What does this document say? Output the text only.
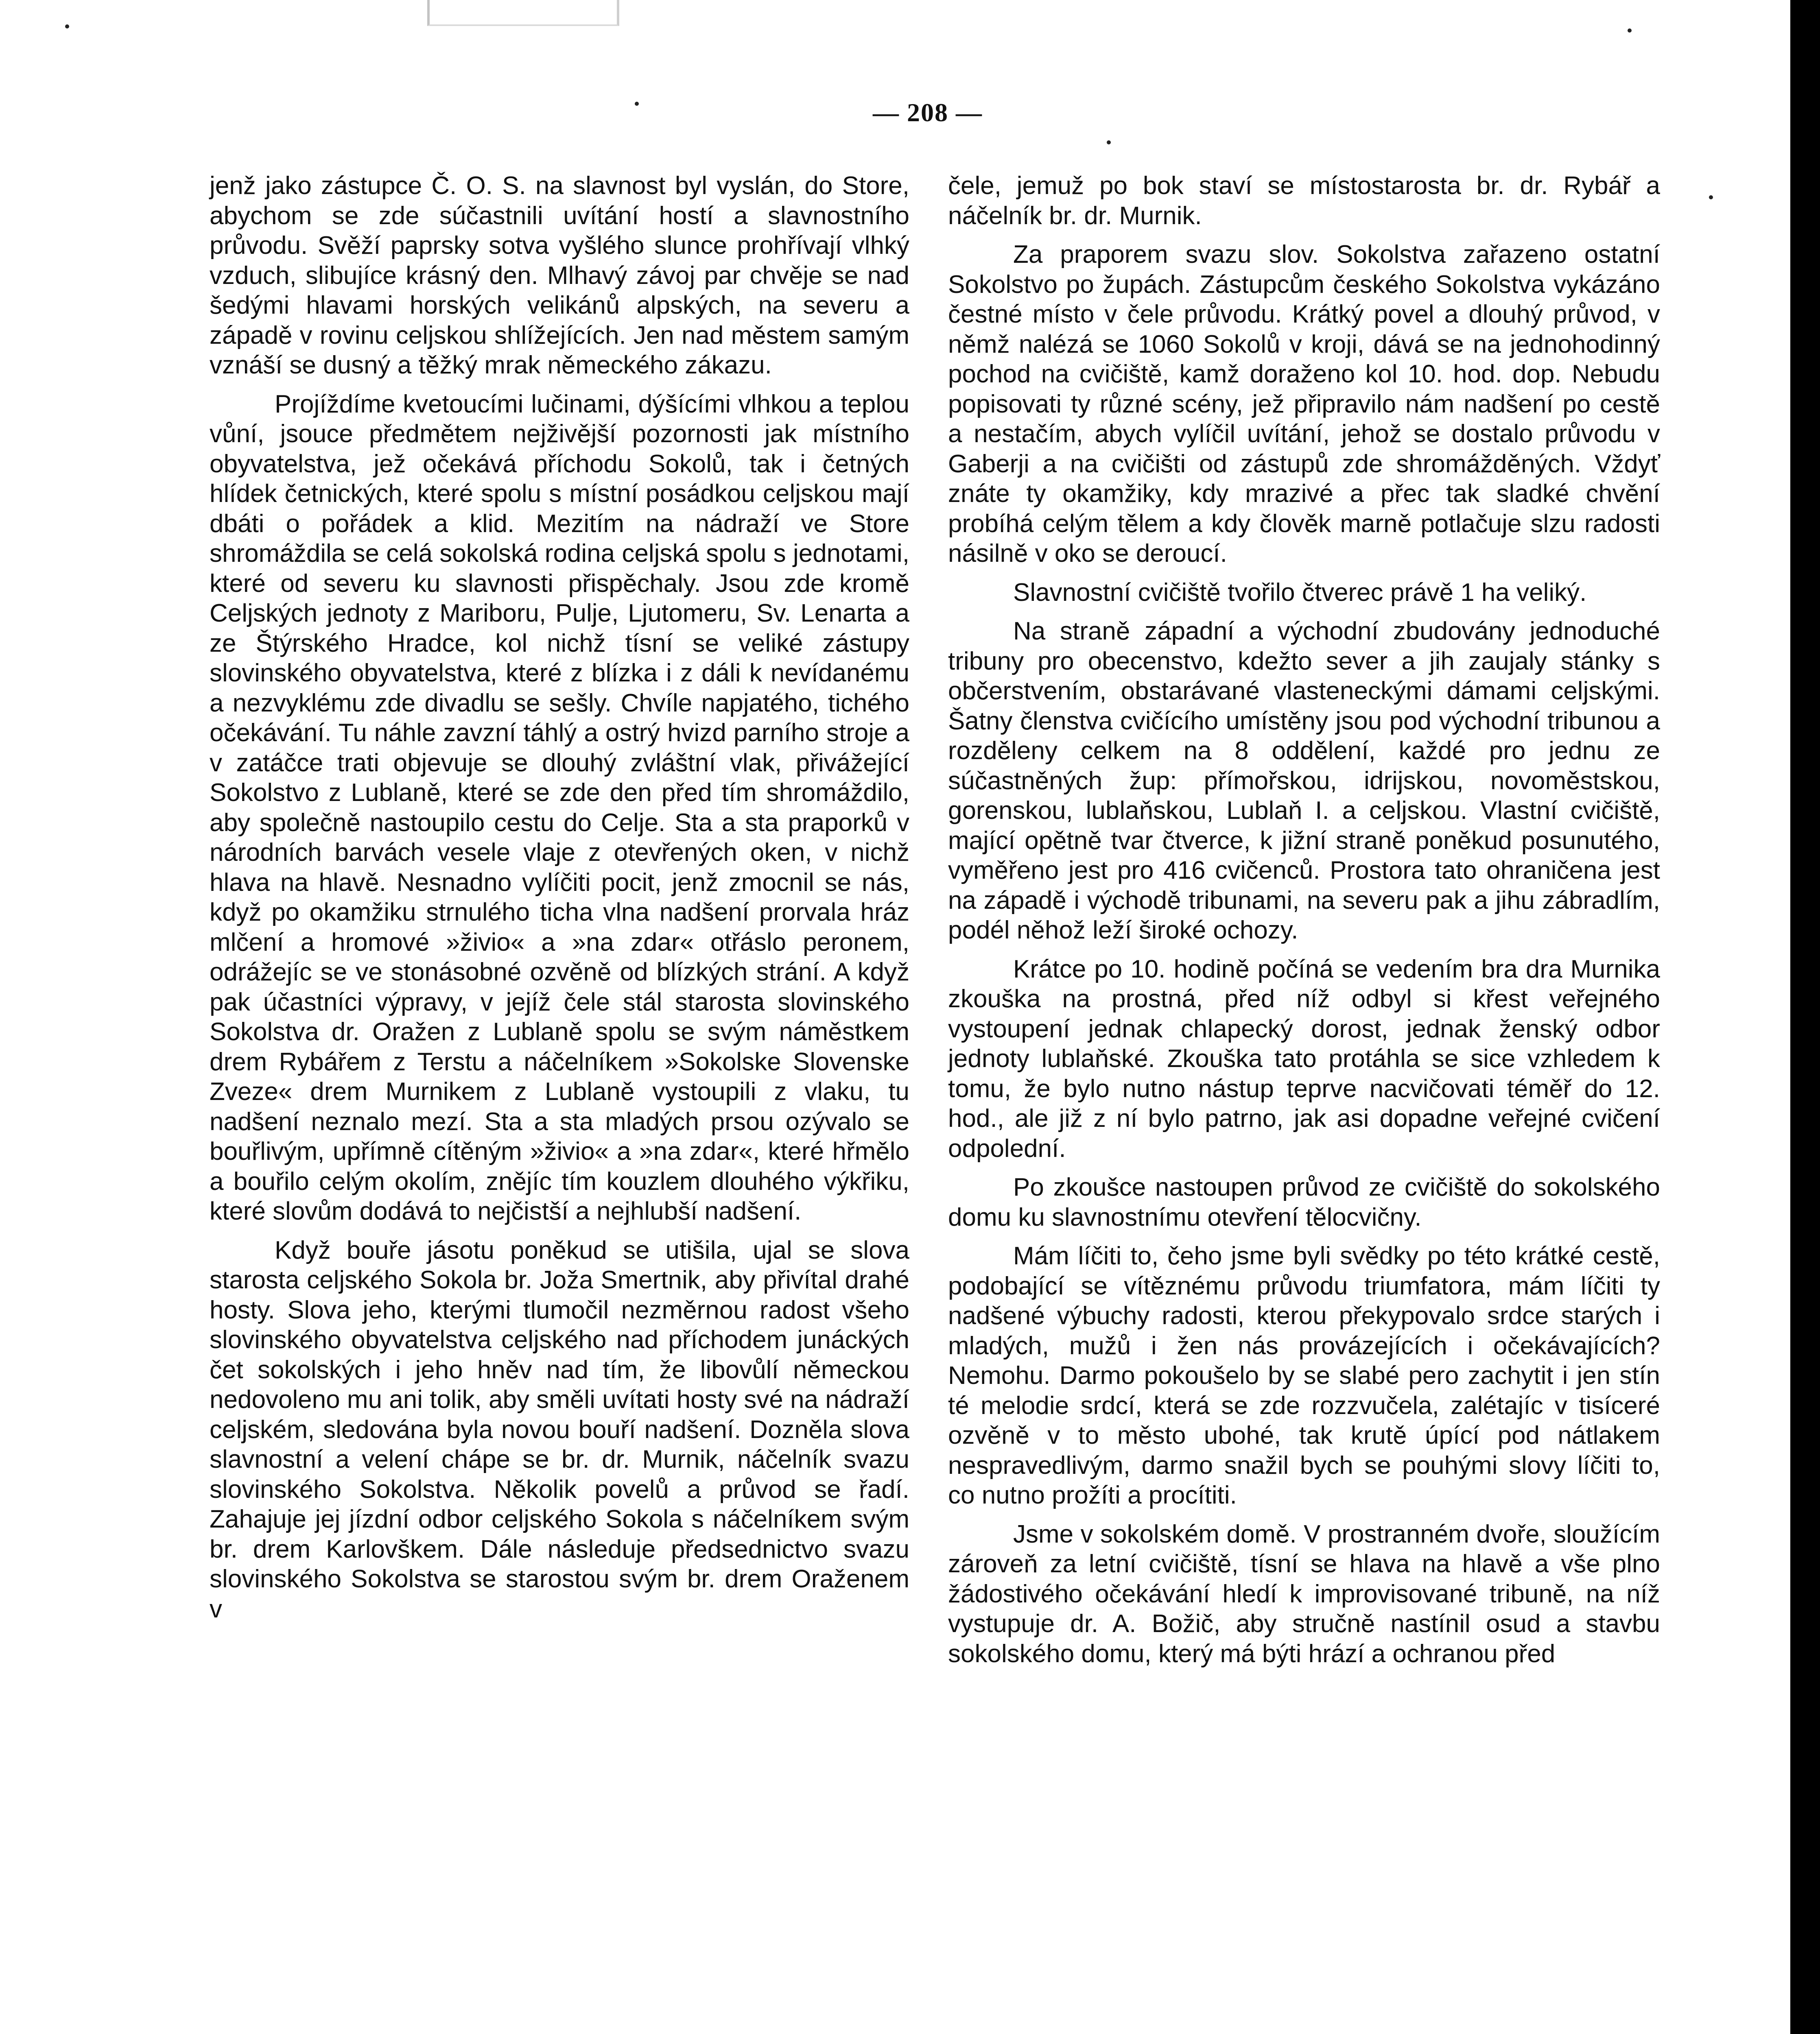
— 208 —

jenž jako zástupce Č. O. S. na slavnost byl vyslán, do Store, abychom se zde súčastnili uvítání hostí a slavnostního průvodu. Svěží paprsky sotva vyšlého slunce prohřívají vlhký vzduch, slibujíce krásný den. Mlhavý závoj par chvěje se nad šedými hlavami horských velikánů alpských, na severu a západě v rovinu celjskou shlížejících. Jen nad městem samým vznáší se dusný a těžký mrak německého zákazu.

Projíždíme kvetoucími lučinami, dýšícími vlhkou a teplou vůní, jsouce předmětem nejživější pozornosti jak místního obyvatelstva, jež očekává příchodu Sokolů, tak i četných hlídek četnických, které spolu s místní posádkou celjskou mají dbáti o pořádek a klid. Mezitím na nádraží ve Store shromáždila se celá sokolská rodina celjská spolu s jednotami, které od severu ku slavnosti přispěchaly. Jsou zde kromě Celjských jednoty z Mariboru, Pulje, Ljutomeru, Sv. Lenarta a ze Štýrského Hradce, kol nichž tísní se veliké zástupy slovinského obyvatelstva, které z blízka i z dáli k nevídanému a nezvyklému zde divadlu se sešly. Chvíle napjatého, tichého očekávání. Tu náhle zavzní táhlý a ostrý hvizd parního stroje a v zatáčce trati objevuje se dlouhý zvláštní vlak, přivážející Sokolstvo z Lublaně, které se zde den před tím shromáždilo, aby společně nastoupilo cestu do Celje. Sta a sta praporků v národních barvách vesele vlaje z otevřených oken, v nichž hlava na hlavě. Nesnadno vylíčiti pocit, jenž zmocnil se nás, když po okamžiku strnulého ticha vlna nadšení prorvala hráz mlčení a hromové »živio« a »na zdar« otřáslo peronem, odrážejíc se ve stonásobné ozvěně od blízkých strání. A když pak účastníci výpravy, v jejíž čele stál starosta slovinského Sokolstva dr. Oražen z Lublaně spolu se svým náměstkem drem Rybářem z Terstu a náčelníkem »Sokolske Slovenske Zveze« drem Murnikem z Lublaně vystoupili z vlaku, tu nadšení neznalo mezí. Sta a sta mladých prsou ozývalo se bouřlivým, upřímně cítěným »živio« a »na zdar«, které hřmělo a bouřilo celým okolím, znějíc tím kouzlem dlouhého výkřiku, které slovům dodává to nejčistší a nejhlubší nadšení.

Když bouře jásotu poněkud se utišila, ujal se slova starosta celjského Sokola br. Joža Smertnik, aby přivítal drahé hosty. Slova jeho, kterými tlumočil nezměrnou radost všeho slovinského obyvatelstva celjského nad příchodem junáckých čet sokolských i jeho hněv nad tím, že libovůlí německou nedovoleno mu ani tolik, aby směli uvítati hosty své na nádraží celjském, sledována byla novou bouří nadšení. Dozněla slova slavnostní a velení chápe se br. dr. Murnik, náčelník svazu slovinského Sokolstva. Několik povelů a průvod se řadí. Zahajuje jej jízdní odbor celjského Sokola s náčelníkem svým br. drem Karlovškem. Dále následuje předsednictvo svazu slovinského Sokolstva se starostou svým br. drem Oraženem v

čele, jemuž po bok staví se místostarosta br. dr. Rybář a náčelník br. dr. Murnik.

Za praporem svazu slov. Sokolstva zařazeno ostatní Sokolstvo po župách. Zástupcům českého Sokolstva vykázáno čestné místo v čele průvodu. Krátký povel a dlouhý průvod, v němž nalézá se 1060 Sokolů v kroji, dává se na jednohodinný pochod na cvičiště, kamž doraženo kol 10. hod. dop. Nebudu popisovati ty různé scény, jež připravilo nám nadšení po cestě a nestačím, abych vylíčil uvítání, jehož se dostalo průvodu v Gaberji a na cvičišti od zástupů zde shromážděných. Vždyť znáte ty okamžiky, kdy mrazivé a přec tak sladké chvění probíhá celým tělem a kdy člověk marně potlačuje slzu radosti násilně v oko se deroucí.

Slavnostní cvičiště tvořilo čtverec právě 1 ha veliký.

Na straně západní a východní zbudovány jednoduché tribuny pro obecenstvo, kdežto sever a jih zaujaly stánky s občerstvením, obstarávané vlasteneckými dámami celjskými. Šatny členstva cvičícího umístěny jsou pod východní tribunou a rozděleny celkem na 8 oddělení, každé pro jednu ze súčastněných žup: přímořskou, idrijskou, novoměstskou, gorenskou, lublaňskou, Lublaň I. a celjskou. Vlastní cvičiště, mající opětně tvar čtverce, k jižní straně poněkud posunutého, vyměřeno jest pro 416 cvičenců. Prostora tato ohraničena jest na západě i východě tribunami, na severu pak a jihu zábradlím, podél něhož leží široké ochozy.

Krátce po 10. hodině počíná se vedením bra dra Murnika zkouška na prostná, před níž odbyl si křest veřejného vystoupení jednak chlapecký dorost, jednak ženský odbor jednoty lublaňské. Zkouška tato protáhla se sice vzhledem k tomu, že bylo nutno nástup teprve nacvičovati téměř do 12. hod., ale již z ní bylo patrno, jak asi dopadne veřejné cvičení odpolední.

Po zkoušce nastoupen průvod ze cvičiště do sokolského domu ku slavnostnímu otevření tělocvičny.

Mám líčiti to, čeho jsme byli svědky po této krátké cestě, podobající se vítěznému průvodu triumfatora, mám líčiti ty nadšené výbuchy radosti, kterou překypovalo srdce starých i mladých, mužů i žen nás provázejících i očekávajících? Nemohu. Darmo pokoušelo by se slabé pero zachytit i jen stín té melodie srdcí, která se zde rozzvučela, zalétajíc v tisíceré ozvěně v to město ubohé, tak krutě úpící pod nátlakem nespravedlivým, darmo snažil bych se pouhými slovy líčiti to, co nutno prožíti a procítiti.

Jsme v sokolském domě. V prostranném dvoře, sloužícím zároveň za letní cvičiště, tísní se hlava na hlavě a vše plno žádostivého očekávání hledí k improvisované tribuně, na níž vystupuje dr. A. Božič, aby stručně nastínil osud a stavbu sokolského domu, který má býti hrází a ochranou před
